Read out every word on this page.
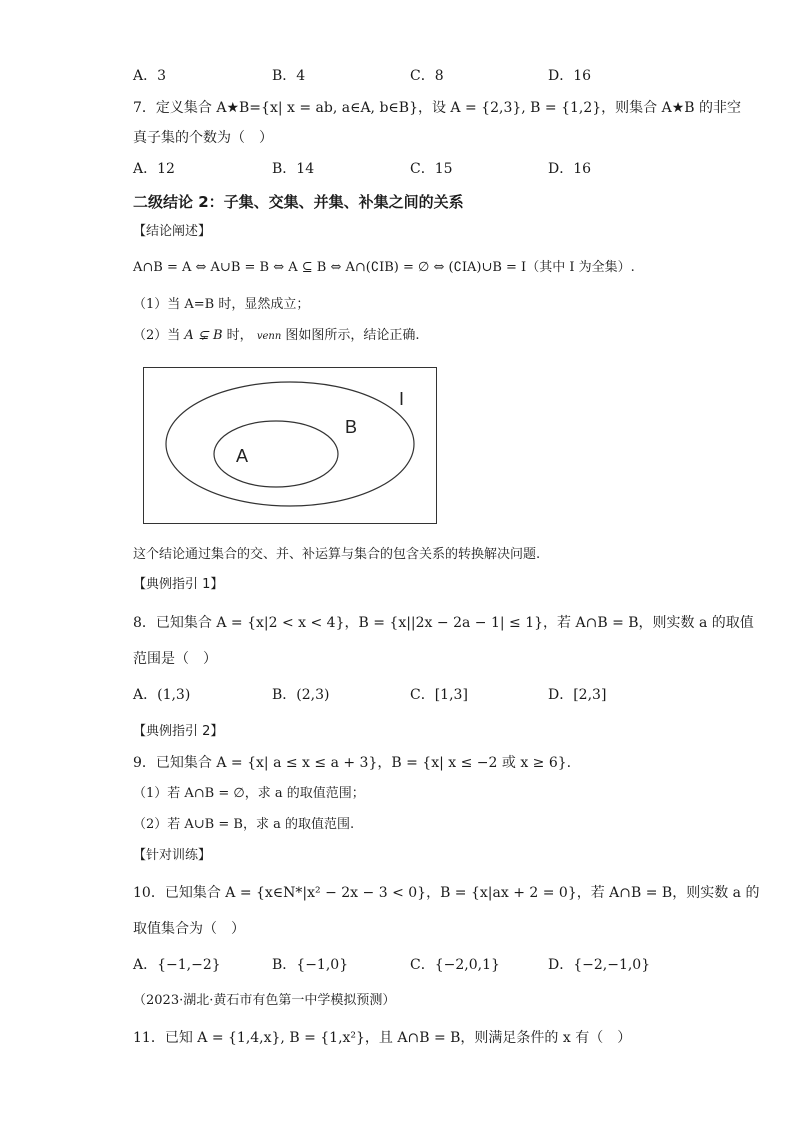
A．3	B．4	C．8	D．16
7．定义集合 A★B={x| x = ab, a∈A, b∈B}，设 A = {2,3}, B = {1,2}，则集合 A★B 的非空
真子集的个数为（　）
A．12	B．14	C．15	D．16
二级结论 2：子集、交集、并集、补集之间的关系
【结论阐述】
A∩B = A ⇔ A∪B = B ⇔ A ⊆ B ⇔ A∩(∁IB) = ∅ ⇔ (∁IA)∪B = I（其中 I 为全集）.
（1）当 A=B 时，显然成立；
（2）当 A ⊊ B 时， venn 图如图所示，结论正确.
I
B
A
这个结论通过集合的交、并、补运算与集合的包含关系的转换解决问题.
【典例指引 1】
8．已知集合 A = {x|2 < x < 4}，B = {x||2x − 2a − 1| ≤ 1}，若 A∩B = B，则实数 a 的取值
范围是（　）
A．(1,3)	B．(2,3)	C．[1,3]	D．[2,3]
【典例指引 2】
9．已知集合 A = {x| a ≤ x ≤ a + 3}，B = {x| x ≤ −2 或 x ≥ 6}.
（1）若 A∩B = ∅，求 a 的取值范围；
（2）若 A∪B = B，求 a 的取值范围.
【针对训练】
10．已知集合 A = {x∈N*|x² − 2x − 3 < 0}，B = {x|ax + 2 = 0}，若 A∩B = B，则实数 a 的
取值集合为（　）
A．{−1,−2}	B．{−1,0}	C．{−2,0,1}	D．{−2,−1,0}
（2023·湖北·黄石市有色第一中学模拟预测）
11．已知 A = {1,4,x}, B = {1,x²}，且 A∩B = B，则满足条件的 x 有（　）
